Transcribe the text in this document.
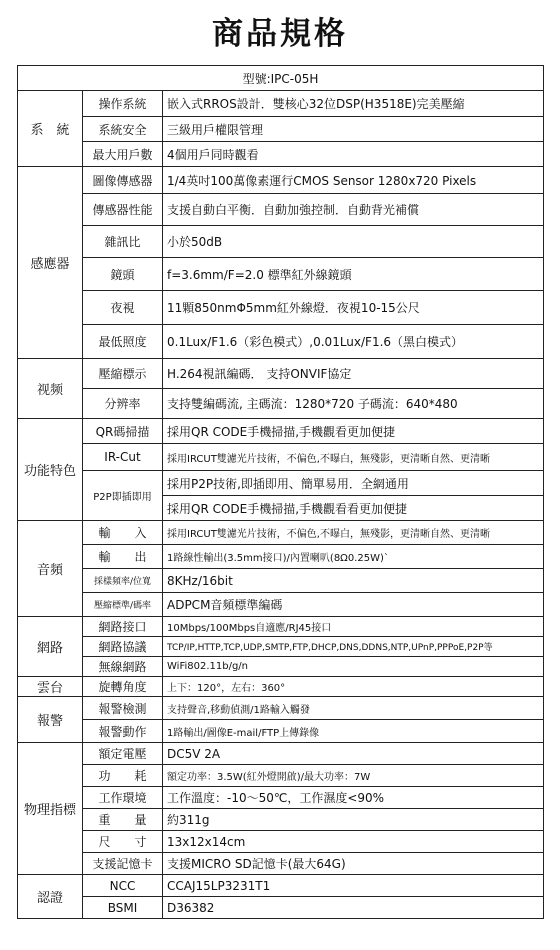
商品規格
型號:IPC-05H		
系　統	操作系統	嵌入式RROS設計．雙核心32位DSP(H3518E)完美壓縮
	系統安全	三級用戶權限管理
	最大用戶數	4個用戶同時觀看
感應器	圖像傳感器	1/4英吋100萬像素運行CMOS Sensor 1280x720 Pixels
	傳感器性能	支援自動白平衡．自動加強控制．自動背光補償
	雜訊比	小於50dB
	鏡頭	f=3.6mm/F=2.0 標準紅外線鏡頭
	夜視	11顆850nmΦ5mm紅外線燈．夜視10-15公尺
	最低照度	0.1Lux/F1.6（彩色模式）,0.01Lux/F1.6（黑白模式）
视频	壓縮標示	H.264視訊編碼． 支持ONVIF協定
	分辨率	支持雙編碼流, 主碼流：1280*720 子碼流：640*480
功能特色	QR碼掃描	採用QR CODE手機掃描,手機觀看更加便捷
	IR-Cut	採用IRCUT雙濾光片技術，不偏色,不曝白，無殘影，更清晰自然、更清晰
	P2P即插即用	採用P2P技術,即插即用、簡單易用．全網通用
		採用QR CODE手機掃描,手機觀看看更加便捷
音頻	輸　　入	採用IRCUT雙濾光片技術，不偏色,不曝白，無殘影，更清晰自然、更清晰
	輸　　出	1路線性輸出(3.5mm接口)/內置喇叭(8Ω0.25W)`
	採樣頻率/位寬	8KHz/16bit
	壓縮標準/碼率	ADPCM音頻標準編碼
網路	網路接口	10Mbps/100Mbps自適應/RJ45接口
	網路協議	TCP/IP,HTTP,TCP,UDP,SMTP,FTP,DHCP,DNS,DDNS,NTP,UPnP,PPPoE,P2P等
	無線網路	WiFi802.11b/g/n
雲台	旋轉角度	上下：120°，左右：360°
報警	報警檢測	支持聲音,移動偵測/1路輸入觸發
	報警動作	1路輸出/圖像E-mail/FTP上傳錄像
物理指標	額定電壓	DC5V 2A
	功　　耗	額定功率：3.5W(紅外燈開啟)/最大功率：7W
	工作環境	工作溫度：-10～50℃，工作濕度<90%
	重　　量	約311g
	尺　　寸	13x12x14cm
	支援記憶卡	支援MICRO SD記憶卡(最大64G)
認證	NCC	CCAJ15LP3231T1
	BSMI	D36382
